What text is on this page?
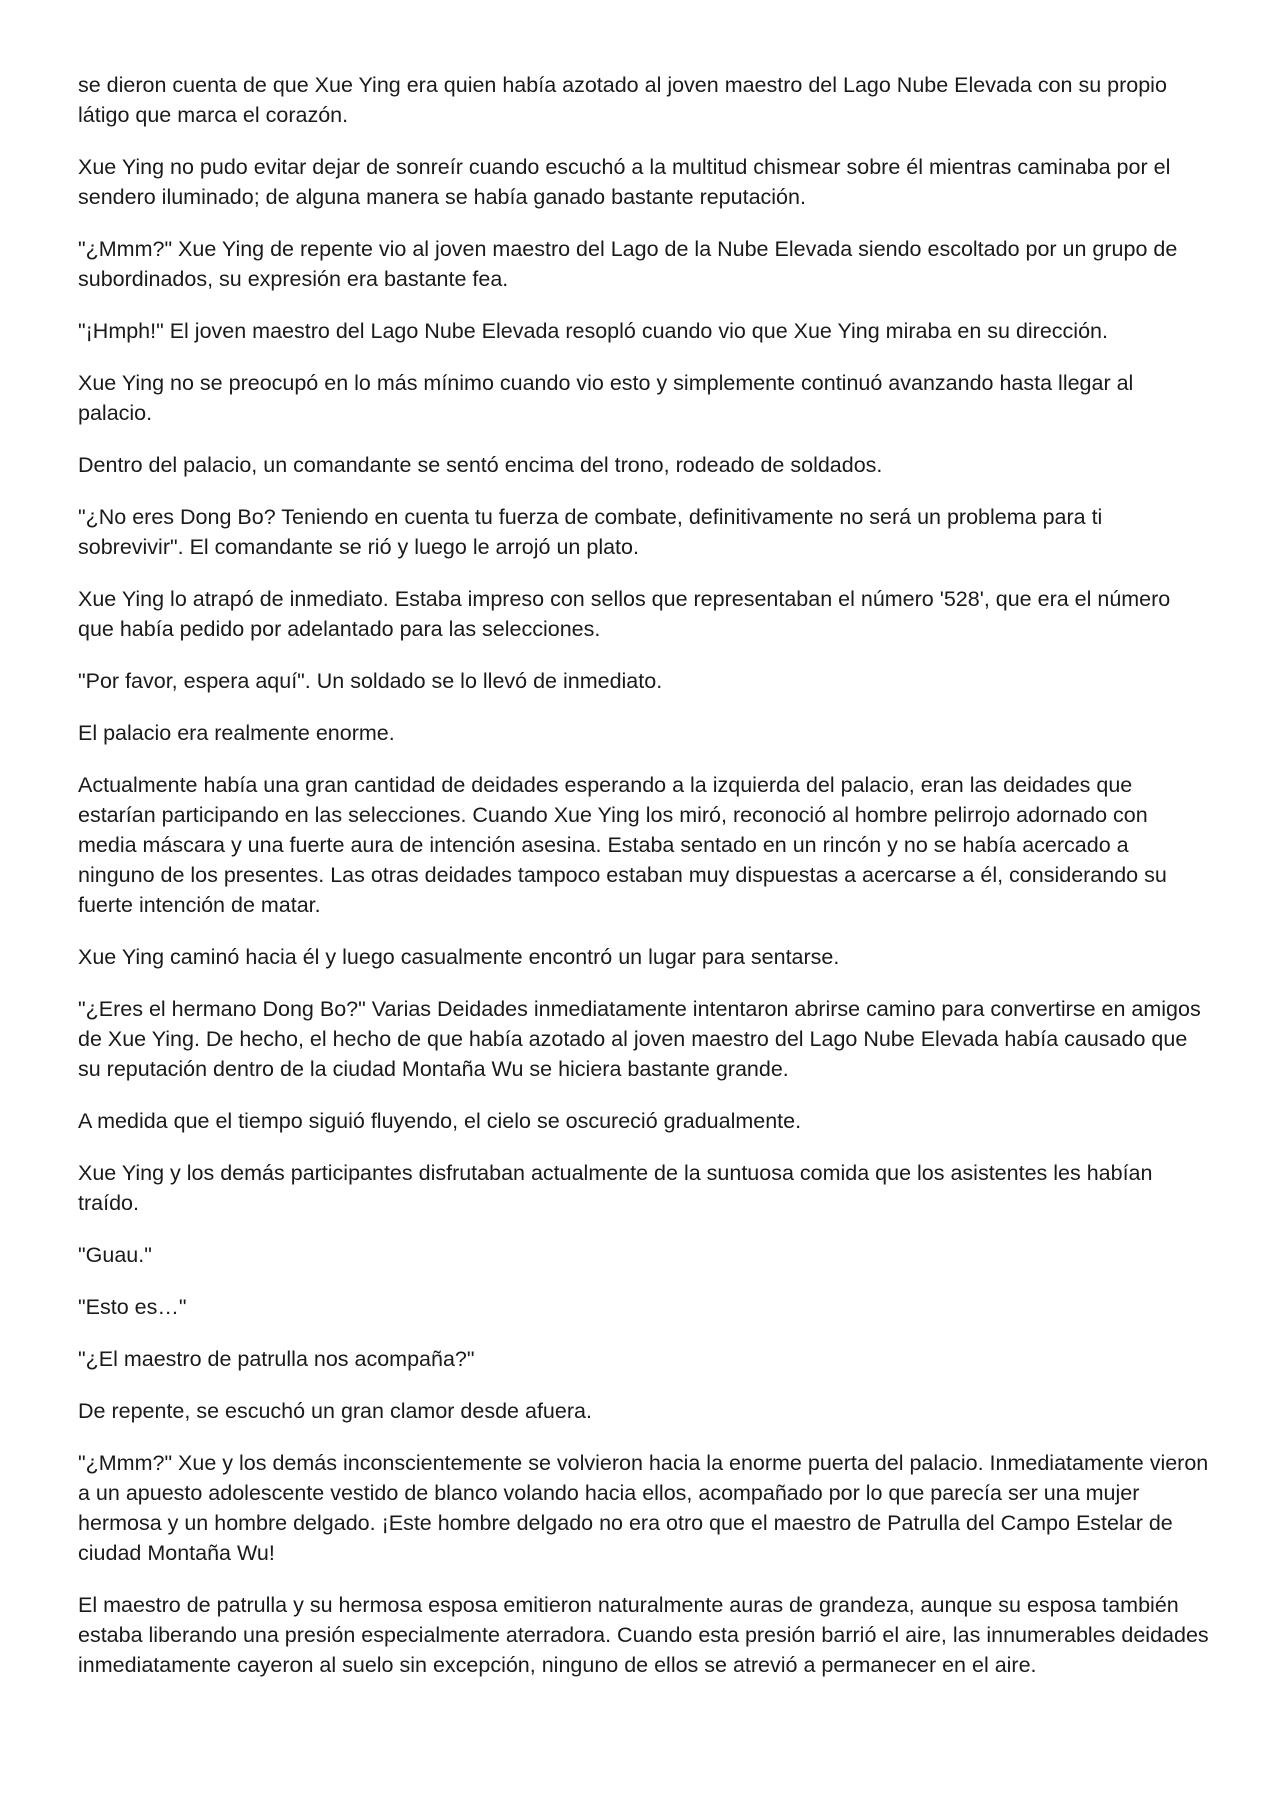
se dieron cuenta de que Xue Ying era quien había azotado al joven maestro del Lago Nube Elevada con su propio látigo que marca el corazón.

Xue Ying no pudo evitar dejar de sonreír cuando escuchó a la multitud chismear sobre él mientras caminaba por el sendero iluminado; de alguna manera se había ganado bastante reputación.

"¿Mmm?" Xue Ying de repente vio al joven maestro del Lago de la Nube Elevada siendo escoltado por un grupo de subordinados, su expresión era bastante fea.

"¡Hmph!" El joven maestro del Lago Nube Elevada resopló cuando vio que Xue Ying miraba en su dirección.

Xue Ying no se preocupó en lo más mínimo cuando vio esto y simplemente continuó avanzando hasta llegar al palacio.

Dentro del palacio, un comandante se sentó encima del trono, rodeado de soldados.

"¿No eres Dong Bo? Teniendo en cuenta tu fuerza de combate, definitivamente no será un problema para ti sobrevivir". El comandante se rió y luego le arrojó un plato.

Xue Ying lo atrapó de inmediato. Estaba impreso con sellos que representaban el número '528', que era el número que había pedido por adelantado para las selecciones.

"Por favor, espera aquí". Un soldado se lo llevó de inmediato.

El palacio era realmente enorme.

Actualmente había una gran cantidad de deidades esperando a la izquierda del palacio, eran las deidades que estarían participando en las selecciones. Cuando Xue Ying los miró, reconoció al hombre pelirrojo adornado con media máscara y una fuerte aura de intención asesina. Estaba sentado en un rincón y no se había acercado a ninguno de los presentes. Las otras deidades tampoco estaban muy dispuestas a acercarse a él, considerando su fuerte intención de matar.

Xue Ying caminó hacia él y luego casualmente encontró un lugar para sentarse.

"¿Eres el hermano Dong Bo?" Varias Deidades inmediatamente intentaron abrirse camino para convertirse en amigos de Xue Ying. De hecho, el hecho de que había azotado al joven maestro del Lago Nube Elevada había causado que su reputación dentro de la ciudad Montaña Wu se hiciera bastante grande.

A medida que el tiempo siguió fluyendo, el cielo se oscureció gradualmente.

Xue Ying y los demás participantes disfrutaban actualmente de la suntuosa comida que los asistentes les habían traído.

"Guau."

"Esto es…"

"¿El maestro de patrulla nos acompaña?"

De repente, se escuchó un gran clamor desde afuera.

"¿Mmm?" Xue y los demás inconscientemente se volvieron hacia la enorme puerta del palacio. Inmediatamente vieron a un apuesto adolescente vestido de blanco volando hacia ellos, acompañado por lo que parecía ser una mujer hermosa y un hombre delgado. ¡Este hombre delgado no era otro que el maestro de Patrulla del Campo Estelar de ciudad Montaña Wu!

El maestro de patrulla y su hermosa esposa emitieron naturalmente auras de grandeza, aunque su esposa también estaba liberando una presión especialmente aterradora. Cuando esta presión barrió el aire, las innumerables deidades inmediatamente cayeron al suelo sin excepción, ninguno de ellos se atrevió a permanecer en el aire.
